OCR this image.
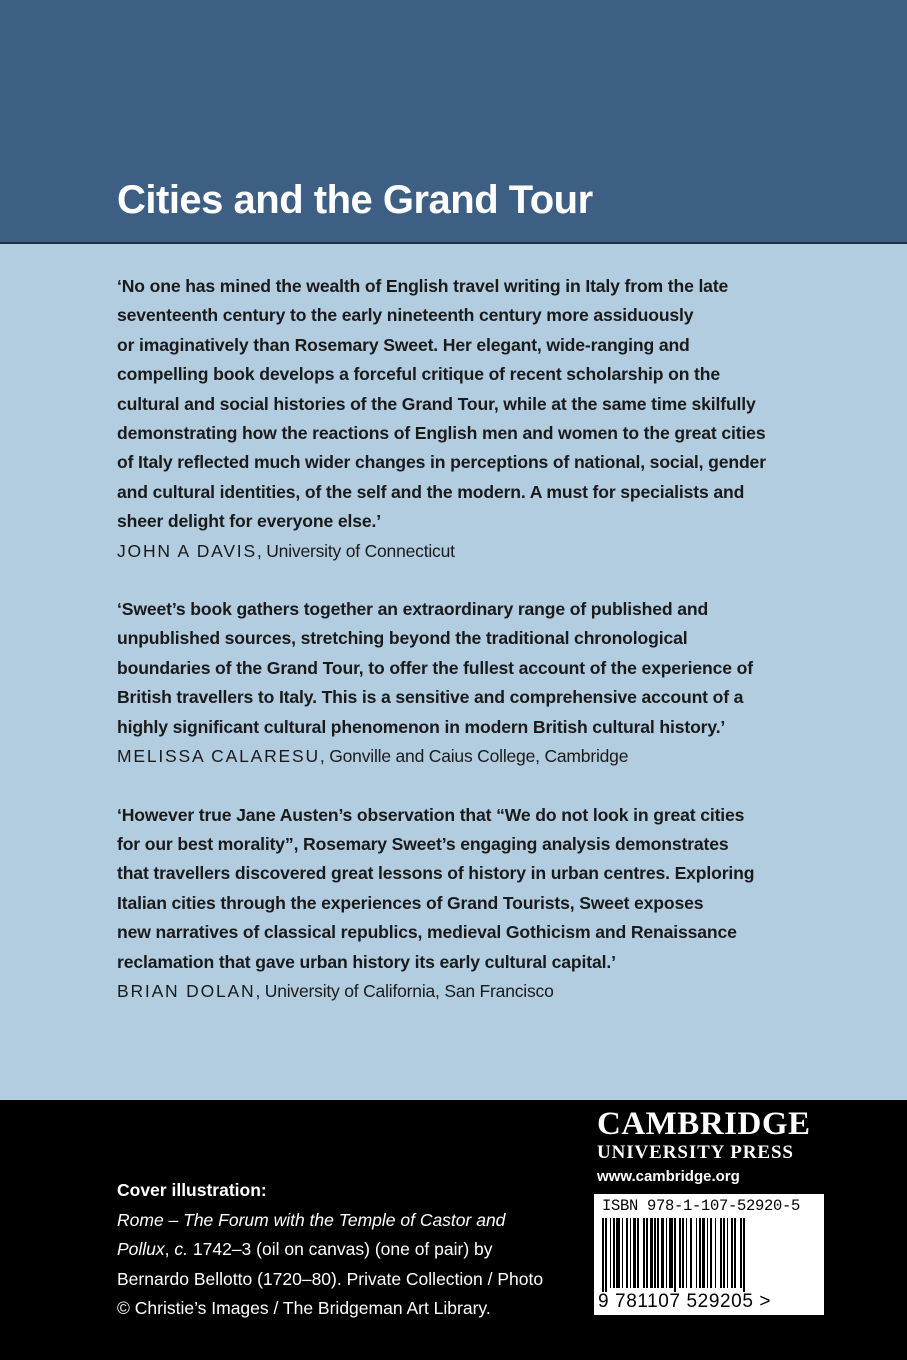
Cities and the Grand Tour

‘No one has mined the wealth of English travel writing in Italy from the late
seventeenth century to the early nineteenth century more assiduously
or imaginatively than Rosemary Sweet. Her elegant, wide-ranging and
compelling book develops a forceful critique of recent scholarship on the
cultural and social histories of the Grand Tour, while at the same time skilfully
demonstrating how the reactions of English men and women to the great cities
of Italy reflected much wider changes in perceptions of national, social, gender
and cultural identities, of the self and the modern. A must for specialists and
sheer delight for everyone else.’

JOHN A DAVIS, University of Connecticut

‘Sweet’s book gathers together an extraordinary range of published and
unpublished sources, stretching beyond the traditional chronological
boundaries of the Grand Tour, to offer the fullest account of the experience of
British travellers to Italy. This is a sensitive and comprehensive account of a
highly significant cultural phenomenon in modern British cultural history.’

MELISSA CALARESU, Gonville and Caius College, Cambridge

‘However true Jane Austen’s observation that “We do not look in great cities
for our best morality”, Rosemary Sweet’s engaging analysis demonstrates
that travellers discovered great lessons of history in urban centres. Exploring
Italian cities through the experiences of Grand Tourists, Sweet exposes
new narratives of classical republics, medieval Gothicism and Renaissance
reclamation that gave urban history its early cultural capital.’

BRIAN DOLAN, University of California, San Francisco

Cover illustration:

Rome – The Forum with the Temple of Castor and

Pollux, c. 1742–3 (oil on canvas) (one of pair) by

Bernardo Bellotto (1720–80). Private Collection / Photo

© Christie’s Images / The Bridgeman Art Library.

CAMBRIDGE
UNIVERSITY PRESS
www.cambridge.org
ISBN 978-1-107-52920-5
9 781107 529205 >
